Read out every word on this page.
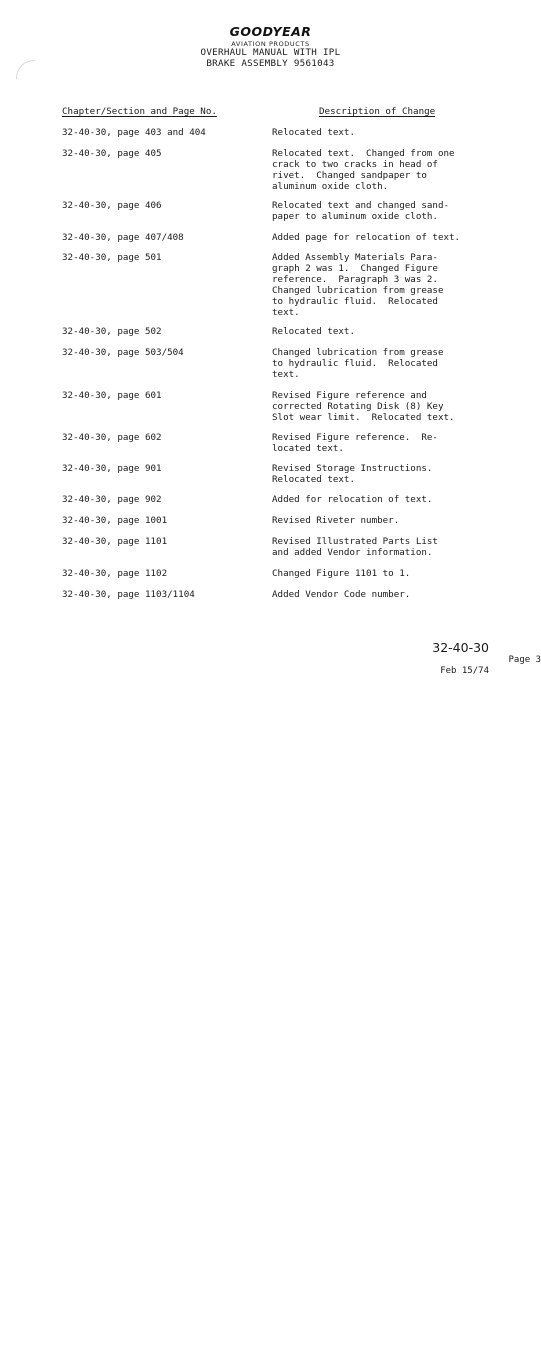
GOODYEAR
AVIATION PRODUCTS
OVERHAUL MANUAL WITH IPL
BRAKE ASSEMBLY 9561043
Chapter/Section and Page No.	Description of Change
32-40-30, page 403 and 404	Relocated text.
32-40-30, page 405	Relocated text.  Changed from one
crack to two cracks in head of
rivet.  Changed sandpaper to
aluminum oxide cloth.
32-40-30, page 406	Relocated text and changed sand-
paper to aluminum oxide cloth.
32-40-30, page 407/408	Added page for relocation of text.
32-40-30, page 501	Added Assembly Materials Para-
graph 2 was 1.  Changed Figure
reference.  Paragraph 3 was 2.
Changed lubrication from grease
to hydraulic fluid.  Relocated
text.
32-40-30, page 502	Relocated text.
32-40-30, page 503/504	Changed lubrication from grease
to hydraulic fluid.  Relocated
text.
32-40-30, page 601	Revised Figure reference and
corrected Rotating Disk (8) Key
Slot wear limit.  Relocated text.
32-40-30, page 602	Revised Figure reference.  Re-
located text.
32-40-30, page 901	Revised Storage Instructions.
Relocated text.
32-40-30, page 902	Added for relocation of text.
32-40-30, page 1001	Revised Riveter number.
32-40-30, page 1101	Revised Illustrated Parts List
and added Vendor information.
32-40-30, page 1102	Changed Figure 1101 to 1.
32-40-30, page 1103/1104	Added Vendor Code number.
32-40-30
Page 3
Feb 15/74
